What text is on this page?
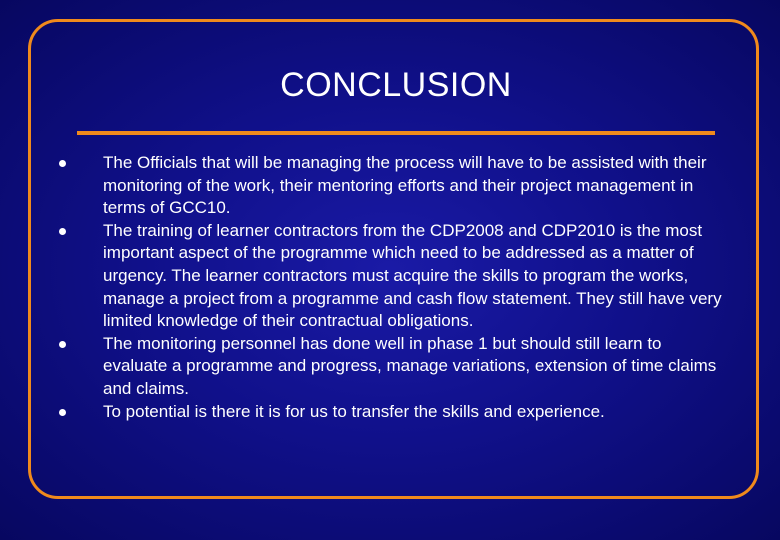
CONCLUSION
The Officials that will be managing the process will have to be assisted with their monitoring of the work, their mentoring efforts and their project management in terms of GCC10.
The training of learner contractors from the CDP2008 and CDP2010 is the most important aspect of the programme which need to be addressed as a matter of urgency. The learner contractors must acquire the skills to program the works, manage a project from a programme and cash flow statement. They still have very limited knowledge of their contractual obligations.
The monitoring personnel has done well in phase 1 but should still learn to evaluate a programme and progress, manage variations, extension of time claims and claims.
To potential is there it is for us to transfer the skills and experience.
